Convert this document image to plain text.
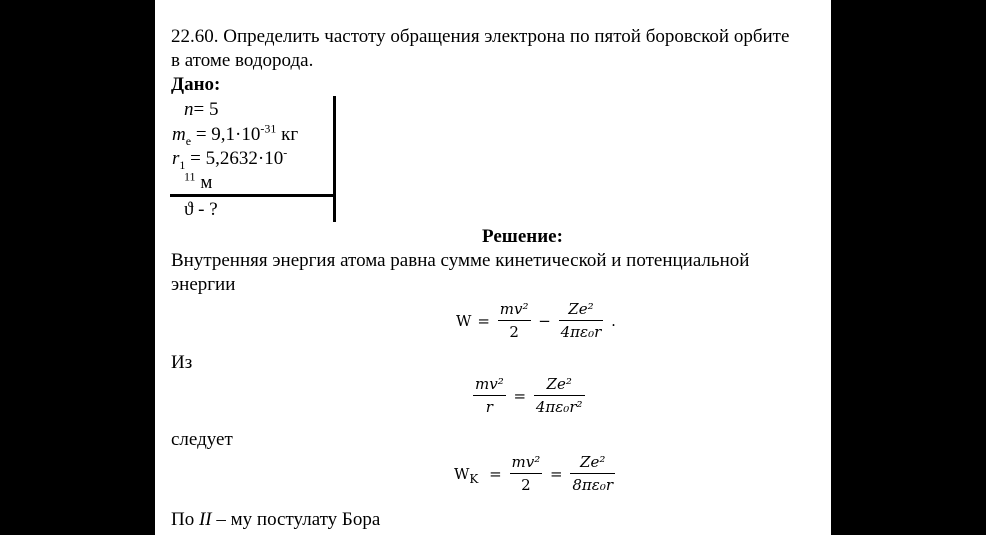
22.60. Определить частоту обращения электрона по пятой боровской орбите
в атоме водорода.
Дано:
n= 5
$m_e = 9,1\cdot 10^{-31}$ кг
$r_1 = 5,2632\cdot 10^-$
$^{11}$ м
ϑ - ?
Решение:
Внутренняя энергия атома равна сумме кинетической и потенциальной
энергии
$W = \frac{\text{mv²}}{2} - \frac{\text{Ze²}}{\text{4πε₀r}}$ .
Из
$\frac{\text{mv²}}{r} = \frac{\text{Ze²}}{\text{4πε₀r²}}$
следует
$W_K = \frac{\text{mv²}}{2} = \frac{\text{Ze²}}{\text{8πε₀r}}$
По II – му постулату Бора
